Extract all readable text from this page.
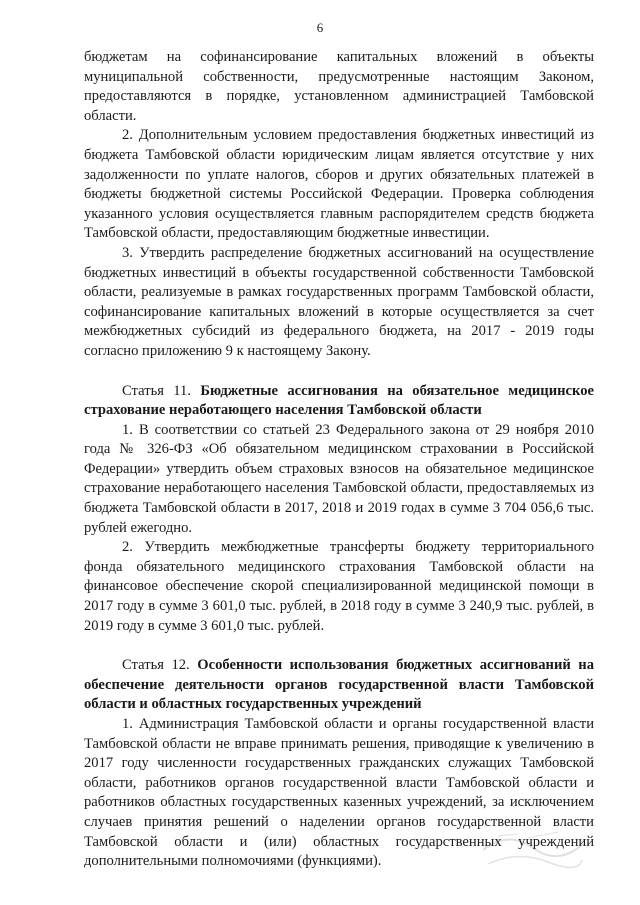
6

бюджетам на софинансирование капитальных вложений в объекты муниципальной собственности, предусмотренные настоящим Законом, предоставляются в порядке, установленном администрацией Тамбовской области.

2. Дополнительным условием предоставления бюджетных инвестиций из бюджета Тамбовской области юридическим лицам является отсутствие у них задолженности по уплате налогов, сборов и других обязательных платежей в бюджеты бюджетной системы Российской Федерации. Проверка соблюдения указанного условия осуществляется главным распорядителем средств бюджета Тамбовской области, предоставляющим бюджетные инвестиции.

3. Утвердить распределение бюджетных ассигнований на осуществление бюджетных инвестиций в объекты государственной собственности Тамбовской области, реализуемые в рамках государственных программ Тамбовской области, софинансирование капитальных вложений в которые осуществляется за счет межбюджетных субсидий из федерального бюджета, на 2017 - 2019 годы согласно приложению 9 к настоящему Закону.

Статья 11. Бюджетные ассигнования на обязательное медицинское страхование неработающего населения Тамбовской области

1. В соответствии со статьей 23 Федерального закона от 29 ноября 2010 года № 326-ФЗ «Об обязательном медицинском страховании в Российской Федерации» утвердить объем страховых взносов на обязательное медицинское страхование неработающего населения Тамбовской области, предоставляемых из бюджета Тамбовской области в 2017, 2018 и 2019 годах в сумме 3 704 056,6 тыс. рублей ежегодно.

2. Утвердить межбюджетные трансферты бюджету территориального фонда обязательного медицинского страхования Тамбовской области на финансовое обеспечение скорой специализированной медицинской помощи в 2017 году в сумме 3 601,0 тыс. рублей, в 2018 году в сумме 3 240,9 тыс. рублей, в 2019 году в сумме 3 601,0 тыс. рублей.

Статья 12. Особенности использования бюджетных ассигнований на обеспечение деятельности органов государственной власти Тамбовской области и областных государственных учреждений

1. Администрация Тамбовской области и органы государственной власти Тамбовской области не вправе принимать решения, приводящие к увеличению в 2017 году численности государственных гражданских служащих Тамбовской области, работников органов государственной власти Тамбовской области и работников областных государственных казенных учреждений, за исключением случаев принятия решений о наделении органов государственной власти Тамбовской области и (или) областных государственных учреждений дополнительными полномочиями (функциями).
